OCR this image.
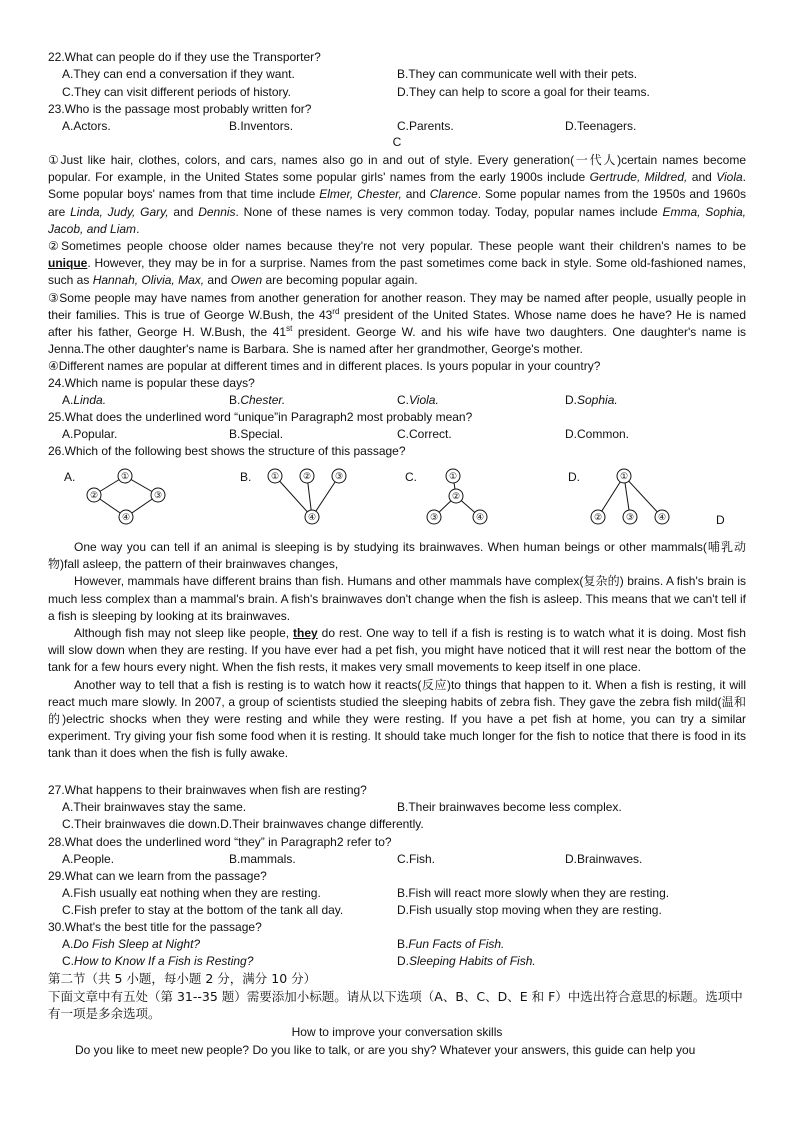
22.What can people do if they use the Transporter?
A.They can end a conversation if they want.	B.They can communicate well with their pets.
C.They can visit different periods of history.	D.They can help to score a goal for their teams.
23.Who is the passage most probably written for?
A.Actors.	B.Inventors.	C.Parents.	D.Teenagers.
C

①Just like hair, clothes, colors, and cars, names also go in and out of style. Every generation(一代人)certain names become popular. For example, in the United States some popular girls' names from the early 1900s include Gertrude, Mildred, and Viola. Some popular boys' names from that time include Elmer, Chester, and Clarence. Some popular names from the 1950s and 1960s are Linda, Judy, Gary, and Dennis. None of these names is very common today. Today, popular names include Emma, Sophia, Jacob, and Liam.

②Sometimes people choose older names because they're not very popular. These people want their children's names to be unique. However, they may be in for a surprise. Names from the past sometimes come back in style. Some old-fashioned names, such as Hannah, Olivia, Max, and Owen are becoming popular again.

③Some people may have names from another generation for another reason. They may be named after people, usually people in their families. This is true of George W.Bush, the 43rd president of the United States. Whose name does he have? He is named after his father, George H. W.Bush, the 41st president. George W. and his wife have two daughters. One daughter's name is Jenna.The other daughter's name is Barbara. She is named after her grandmother, George's mother.

④Different names are popular at different times and in different places. Is yours popular in your country?

24.Which name is popular these days?
A.Linda.	B.Chester.	C.Viola.	D.Sophia.
25.What does the underlined word “unique”in Paragraph2 most probably mean?
A.Popular.	B.Special.	C.Correct.	D.Common.
26.Which of the following best shows the structure of this passage?
A.	B.	C.	D.
①
②	③
④
①	②	③
④
①
②
③	④
①
②	③	④	D

One way you can tell if an animal is sleeping is by studying its brainwaves. When human beings or other mammals(哺乳动物)fall asleep, the pattern of their brainwaves changes,

However, mammals have different brains than fish. Humans and other mammals have complex(复杂的) brains. A fish's brain is much less complex than a mammal's brain. A fish's brainwaves don't change when the fish is asleep. This means that we can't tell if a fish is sleeping by looking at its brainwaves.

Although fish may not sleep like people, they do rest. One way to tell if a fish is resting is to watch what it is doing. Most fish will slow down when they are resting. If you have ever had a pet fish, you might have noticed that it will rest near the bottom of the tank for a few hours every night. When the fish rests, it makes very small movements to keep itself in one place.

Another way to tell that a fish is resting is to watch how it reacts(反应)to things that happen to it. When a fish is resting, it will react much mare slowly. In 2007, a group of scientists studied the sleeping habits of zebra fish. They gave the zebra fish mild(温和的)electric shocks when they were resting and while they were resting. If you have a pet fish at home, you can try a similar experiment. Try giving your fish some food when it is resting. It should take much longer for the fish to notice that there is food in its tank than it does when the fish is fully awake.

27.What happens to their brainwaves when fish are resting?
A.Their brainwaves stay the same.	B.Their brainwaves become less complex.
C.Their brainwaves die down.D.Their brainwaves change differently.
28.What does the underlined word “they” in Paragraph2 refer to?
A.People.	B.mammals.	C.Fish.	D.Brainwaves.
29.What can we learn from the passage?
A.Fish usually eat nothing when they are resting.	B.Fish will react more slowly when they are resting.
C.Fish prefer to stay at the bottom of the tank all day.	D.Fish usually stop moving when they are resting.
30.What's the best title for the passage?
A.Do Fish Sleep at Night?	B.Fun Facts of Fish.
C.How to Know If a Fish is Resting?	D.Sleeping Habits of Fish.
第二节（共 5 小题，每小题 2 分，满分 10 分）
下面文章中有五处（第 31--35 题）需要添加小标题。请从以下选项（A、B、C、D、E 和 F）中选出符合意思的标题。选项中有一项是多余选项。
How to improve your conversation skills
Do you like to meet new people? Do you like to talk, or are you shy? Whatever your answers, this guide can help you
